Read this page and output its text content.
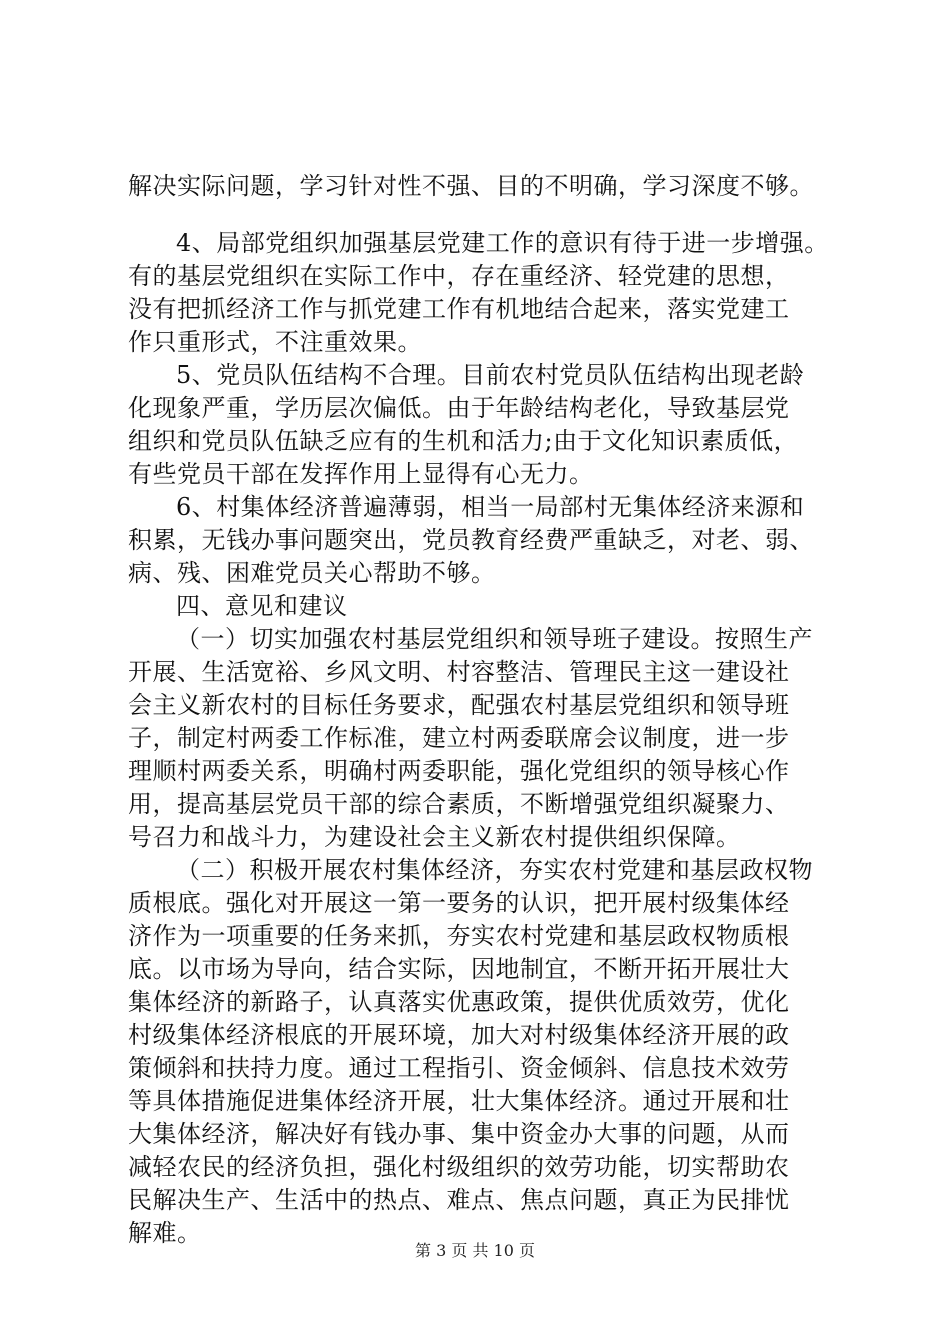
解决实际问题，学习针对性不强、目的不明确，学习深度不够。
4、局部党组织加强基层党建工作的意识有待于进一步增强。
有的基层党组织在实际工作中，存在重经济、轻党建的思想，
没有把抓经济工作与抓党建工作有机地结合起来，落实党建工
作只重形式，不注重效果。
5、党员队伍结构不合理。目前农村党员队伍结构出现老龄
化现象严重，学历层次偏低。由于年龄结构老化，导致基层党
组织和党员队伍缺乏应有的生机和活力;由于文化知识素质低，
有些党员干部在发挥作用上显得有心无力。
6、村集体经济普遍薄弱，相当一局部村无集体经济来源和
积累，无钱办事问题突出，党员教育经费严重缺乏，对老、弱、
病、残、困难党员关心帮助不够。
四、意见和建议
（一）切实加强农村基层党组织和领导班子建设。按照生产
开展、生活宽裕、乡风文明、村容整洁、管理民主这一建设社
会主义新农村的目标任务要求，配强农村基层党组织和领导班
子，制定村两委工作标准，建立村两委联席会议制度，进一步
理顺村两委关系，明确村两委职能，强化党组织的领导核心作
用，提高基层党员干部的综合素质，不断增强党组织凝聚力、
号召力和战斗力，为建设社会主义新农村提供组织保障。
（二）积极开展农村集体经济，夯实农村党建和基层政权物
质根底。强化对开展这一第一要务的认识，把开展村级集体经
济作为一项重要的任务来抓，夯实农村党建和基层政权物质根
底。以市场为导向，结合实际，因地制宜，不断开拓开展壮大
集体经济的新路子，认真落实优惠政策，提供优质效劳，优化
村级集体经济根底的开展环境，加大对村级集体经济开展的政
策倾斜和扶持力度。通过工程指引、资金倾斜、信息技术效劳
等具体措施促进集体经济开展，壮大集体经济。通过开展和壮
大集体经济，解决好有钱办事、集中资金办大事的问题，从而
减轻农民的经济负担，强化村级组织的效劳功能，切实帮助农
民解决生产、生活中的热点、难点、焦点问题，真正为民排忧
解难。
第 3 页 共 10 页
